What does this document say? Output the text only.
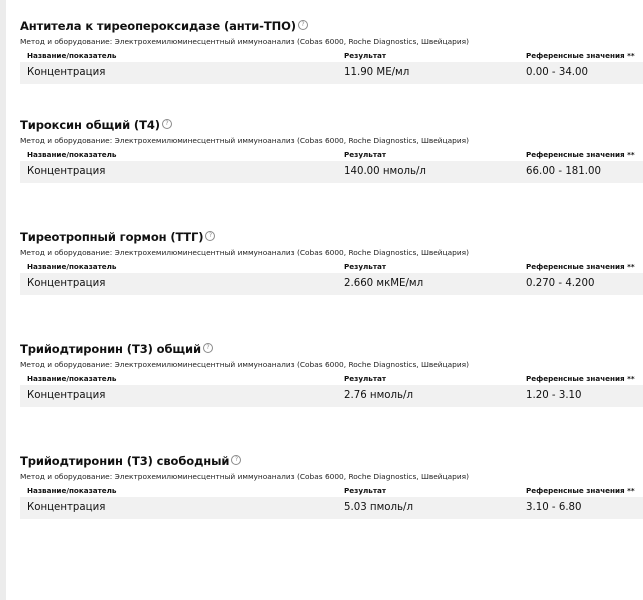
Антитела к тиреопероксидазе (анти-ТПО) ?
Метод и оборудование: Электрохемилюминесцентный иммуноанализ (Cobas 6000, Roche Diagnostics, Швейцария)
Название/показатель	Результат	Референсные значения **
Концентрация	11.90 МЕ/мл	0.00 - 34.00
Тироксин общий (Т4) ?
Метод и оборудование: Электрохемилюминесцентный иммуноанализ (Cobas 6000, Roche Diagnostics, Швейцария)
Название/показатель	Результат	Референсные значения **
Концентрация	140.00 нмоль/л	66.00 - 181.00
Тиреотропный гормон (ТТГ) ?
Метод и оборудование: Электрохемилюминесцентный иммуноанализ (Cobas 6000, Roche Diagnostics, Швейцария)
Название/показатель	Результат	Референсные значения **
Концентрация	2.660 мкМЕ/мл	0.270 - 4.200
Трийодтиронин (Т3) общий ?
Метод и оборудование: Электрохемилюминесцентный иммуноанализ (Cobas 6000, Roche Diagnostics, Швейцария)
Название/показатель	Результат	Референсные значения **
Концентрация	2.76 нмоль/л	1.20 - 3.10
Трийодтиронин (Т3) свободный ?
Метод и оборудование: Электрохемилюминесцентный иммуноанализ (Cobas 6000, Roche Diagnostics, Швейцария)
Название/показатель	Результат	Референсные значения **
Концентрация	5.03 пмоль/л	3.10 - 6.80
